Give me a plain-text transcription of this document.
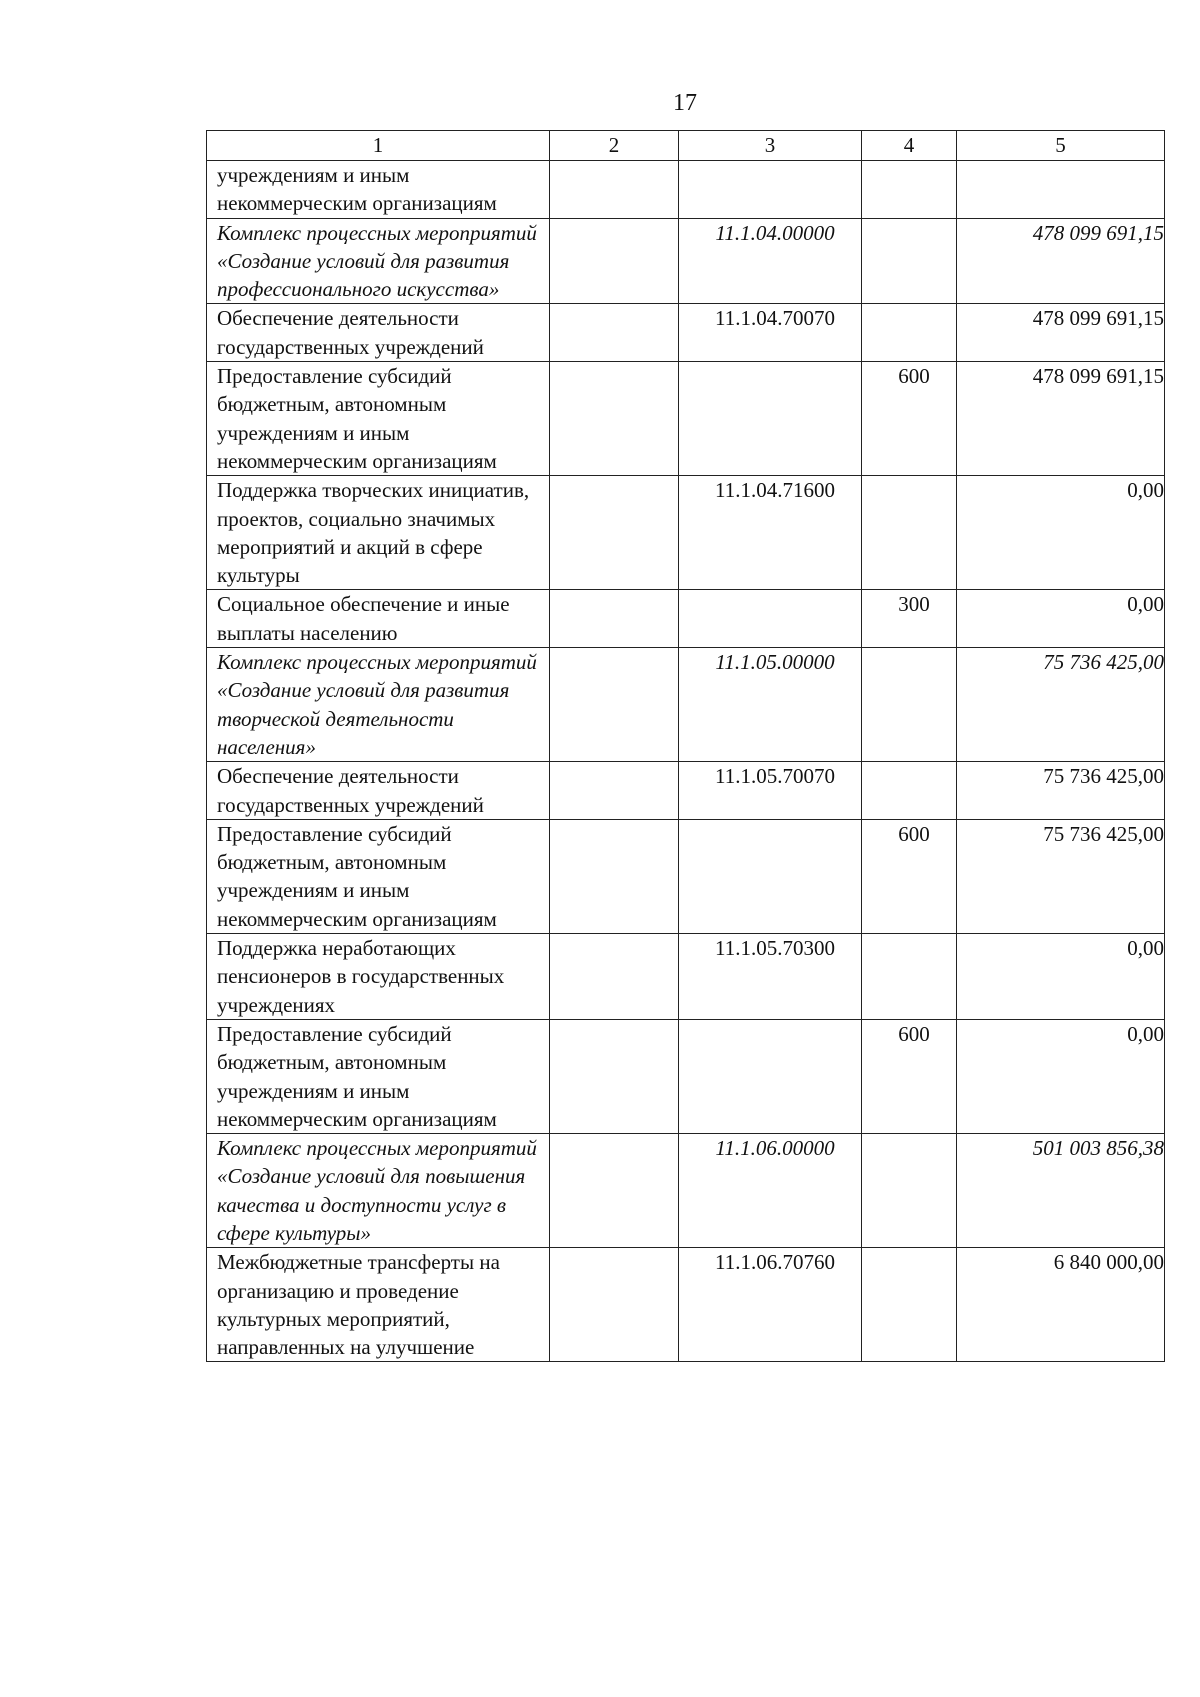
17
1	2	3	4	5
учреждениям и иным некоммерческим организациям				
Комплекс процессных мероприятий «Создание условий для развития профессионального искусства»		11.1.04.00000		478 099 691,15
Обеспечение деятельности государственных учреждений		11.1.04.70070		478 099 691,15
Предоставление субсидий бюджетным, автономным учреждениям и иным некоммерческим организациям			600	478 099 691,15
Поддержка творческих инициатив, проектов, социально значимых мероприятий и акций в сфере культуры		11.1.04.71600		0,00
Социальное обеспечение и иные выплаты населению			300	0,00
Комплекс процессных мероприятий «Создание условий для развития творческой деятельности населения»		11.1.05.00000		75 736 425,00
Обеспечение деятельности государственных учреждений		11.1.05.70070		75 736 425,00
Предоставление субсидий бюджетным, автономным учреждениям и иным некоммерческим организациям			600	75 736 425,00
Поддержка неработающих пенсионеров в государственных учреждениях		11.1.05.70300		0,00
Предоставление субсидий бюджетным, автономным учреждениям и иным некоммерческим организациям			600	0,00
Комплекс процессных мероприятий «Создание условий для повышения качества и доступности услуг в сфере культуры»		11.1.06.00000		501 003 856,38
Межбюджетные трансферты на организацию и проведение культурных мероприятий, направленных на улучшение		11.1.06.70760		6 840 000,00
